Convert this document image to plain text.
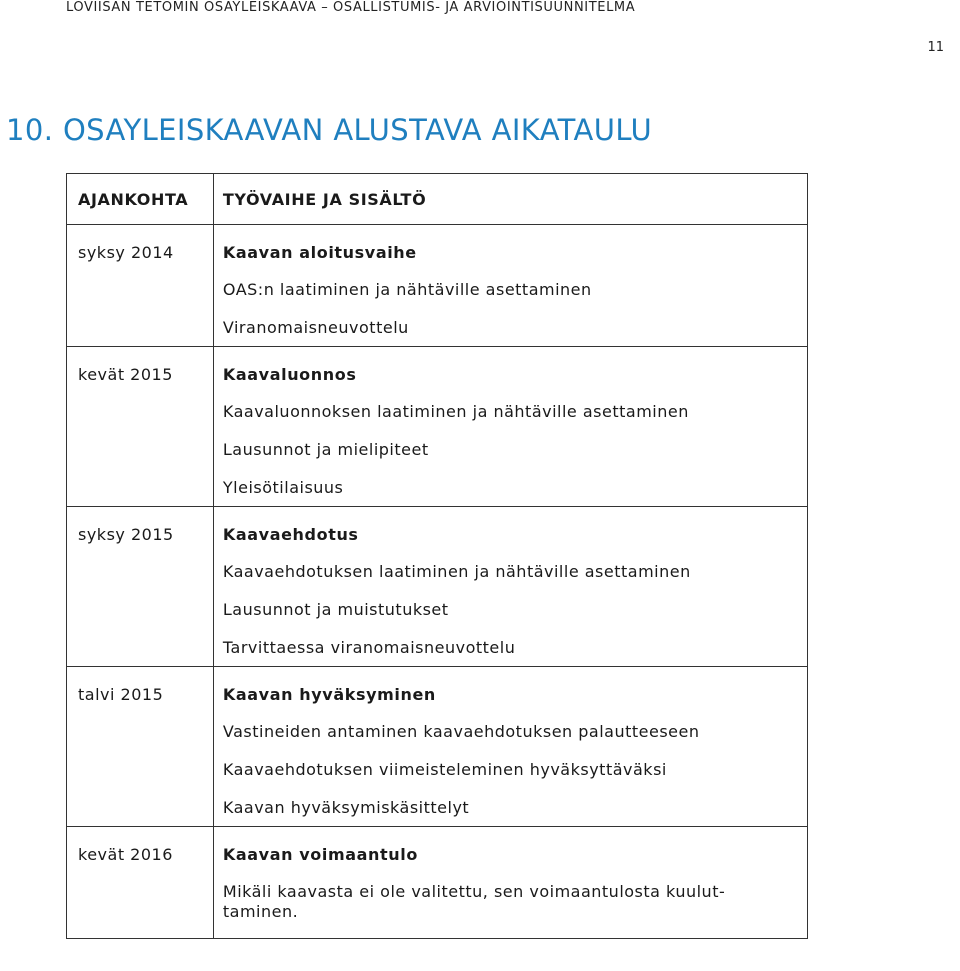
LOVIISAN TETOMIN OSAYLEISKAAVA – OSALLISTUMIS- JA ARVIOINTISUUNNITELMA
11
10. OSAYLEISKAAVAN ALUSTAVA AIKATAULU
AJANKOHTA	TYÖVAIHE JA SISÄLTÖ

syksy 2014	Kaavan aloitusvaihe
OAS:n laatiminen ja nähtäville asettaminen
Viranomaisneuvottelu

kevät 2015	Kaavaluonnos
Kaavaluonnoksen laatiminen ja nähtäville asettaminen
Lausunnot ja mielipiteet
Yleisötilaisuus

syksy 2015	Kaavaehdotus
Kaavaehdotuksen laatiminen ja nähtäville asettaminen
Lausunnot ja muistutukset
Tarvittaessa viranomaisneuvottelu

talvi 2015	Kaavan hyväksyminen
Vastineiden antaminen kaavaehdotuksen palautteeseen
Kaavaehdotuksen viimeisteleminen hyväksyttäväksi
Kaavan hyväksymiskäsittelyt

kevät 2016	Kaavan voimaantulo
Mikäli kaavasta ei ole valitettu, sen voimaantulosta kuulut-taminen.
